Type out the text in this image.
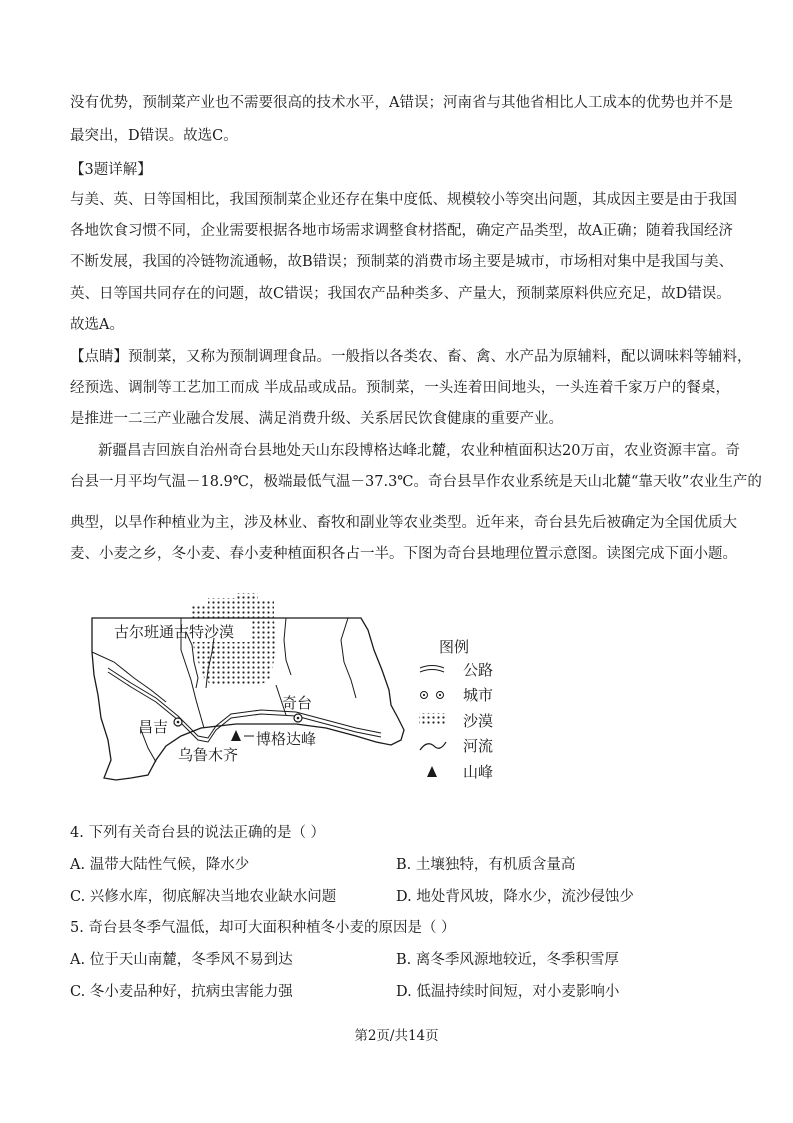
没有优势，预制菜产业也不需要很高的技术水平，A错误；河南省与其他省相比人工成本的优势也并不是
最突出，D错误。故选C。
【3题详解】
与美、英、日等国相比，我国预制菜企业还存在集中度低、规模较小等突出问题，其成因主要是由于我国
各地饮食习惯不同，企业需要根据各地市场需求调整食材搭配，确定产品类型，故A正确；随着我国经济
不断发展，我国的冷链物流通畅，故B错误；预制菜的消费市场主要是城市，市场相对集中是我国与美、
英、日等国共同存在的问题，故C错误；我国农产品种类多、产量大，预制菜原料供应充足，故D错误。
故选A。
【点睛】预制菜，又称为预制调理食品。一般指以各类农、畜、禽、水产品为原辅料，配以调味料等辅料，
经预选、调制等工艺加工而成 半成品或成品。预制菜，一头连着田间地头，一头连着千家万户的餐桌，
是推进一二三产业融合发展、满足消费升级、关系居民饮食健康的重要产业。
新疆昌吉回族自治州奇台县地处天山东段博格达峰北麓，农业种植面积达20万亩，农业资源丰富。奇
台县一月平均气温－18.9℃，极端最低气温－37.3℃。奇台县旱作农业系统是天山北麓“靠天收”农业生产的
典型，以旱作种植业为主，涉及林业、畜牧和副业等农业类型。近年来，奇台县先后被确定为全国优质大
麦、小麦之乡，冬小麦、春小麦种植面积各占一半。下图为奇台县地理位置示意图。读图完成下面小题。
古尔班通古特沙漠
昌吉
乌鲁木齐
奇台
博格达峰
图例
公路
城市
沙漠
河流
山峰
4. 下列有关奇台县的说法正确的是（ ）
A. 温带大陆性气候，降水少	B. 土壤独特，有机质含量高
C. 兴修水库，彻底解决当地农业缺水问题	D. 地处背风坡，降水少，流沙侵蚀少
5. 奇台县冬季气温低，却可大面积种植冬小麦的原因是（ ）
A. 位于天山南麓，冬季风不易到达	B. 离冬季风源地较近，冬季积雪厚
C. 冬小麦品种好，抗病虫害能力强	D. 低温持续时间短，对小麦影响小
第2页/共14页
